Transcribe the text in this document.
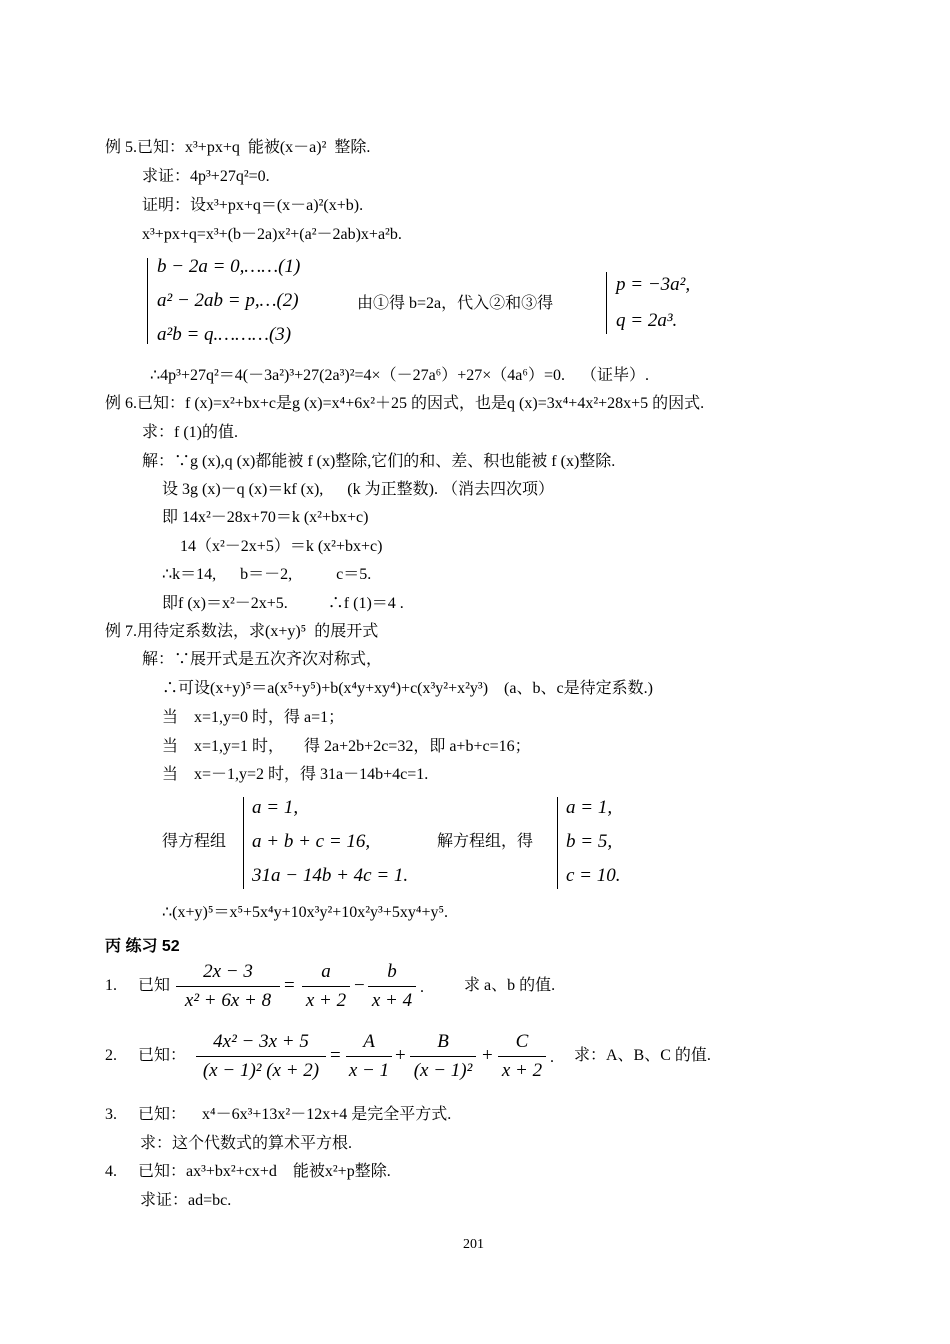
例 5.已知：x³+px+q  能被(x－a)²  整除.
求证：4p³+27q²=0.
证明：设x³+px+q＝(x－a)²(x+b).
x³+px+q=x³+(b－2a)x²+(a²－2ab)x+a²b.
b − 2a = 0,……(1)
a² − 2ab = p,…(2)
a²b = q.………(3)
由①得 b=2a，代入②和③得
p = −3a²,
q = 2a³.
∴4p³+27q²＝4(－3a²)³+27(2a³)²=4×（－27a⁶）+27×（4a⁶）=0.    （证毕）.
例 6.已知：f (x)=x²+bx+c是g (x)=x⁴+6x²＋25 的因式，也是q (x)=3x⁴+4x²+28x+5 的因式.
求：f (1)的值.
解：∵g (x),q (x)都能被 f (x)整除,它们的和、差、积也能被 f (x)整除.
设 3g (x)－q (x)＝kf (x),      (k 为正整数). （消去四次项）
即 14x²－28x+70＝k (x²+bx+c)
14（x²－2x+5）＝k (x²+bx+c)
∴k＝14,      b＝－2,           c＝5.
即f (x)＝x²－2x+5.          ∴f (1)＝4 .
例 7.用待定系数法，求(x+y)⁵  的展开式
解：∵展开式是五次齐次对称式，
∴可设(x+y)⁵＝a(x⁵+y⁵)+b(x⁴y+xy⁴)+c(x³y²+x²y³)    (a、b、c是待定系数.)
当    x=1,y=0 时，得 a=1；
当    x=1,y=1 时，     得 2a+2b+2c=32，即 a+b+c=16；
当    x=－1,y=2 时，得 31a－14b+4c=1.
得方程组
a = 1,
a + b + c = 16,
31a − 14b + 4c = 1.
解方程组，得
a = 1,
b = 5,
c = 10.
∴(x+y)⁵＝x⁵+5x⁴y+10x³y²+10x²y³+5xy⁴+y⁵.
丙 练习 52
1. 已知
2x − 3
x² + 6x + 8
=
a
x + 2
−
b
x + 4
.	求 a、b 的值.
2. 已知：
4x² − 3x + 5
(x − 1)² (x + 2)
=
A
x − 1
+
B
(x − 1)²
+
C
x + 2
. 求：A、B、C 的值.
3. 已知：    x⁴－6x³+13x²－12x+4 是完全平方式.
求：这个代数式的算术平方根.
4. 已知：ax³+bx²+cx+d    能被x²+p整除.
求证：ad=bc.
201
